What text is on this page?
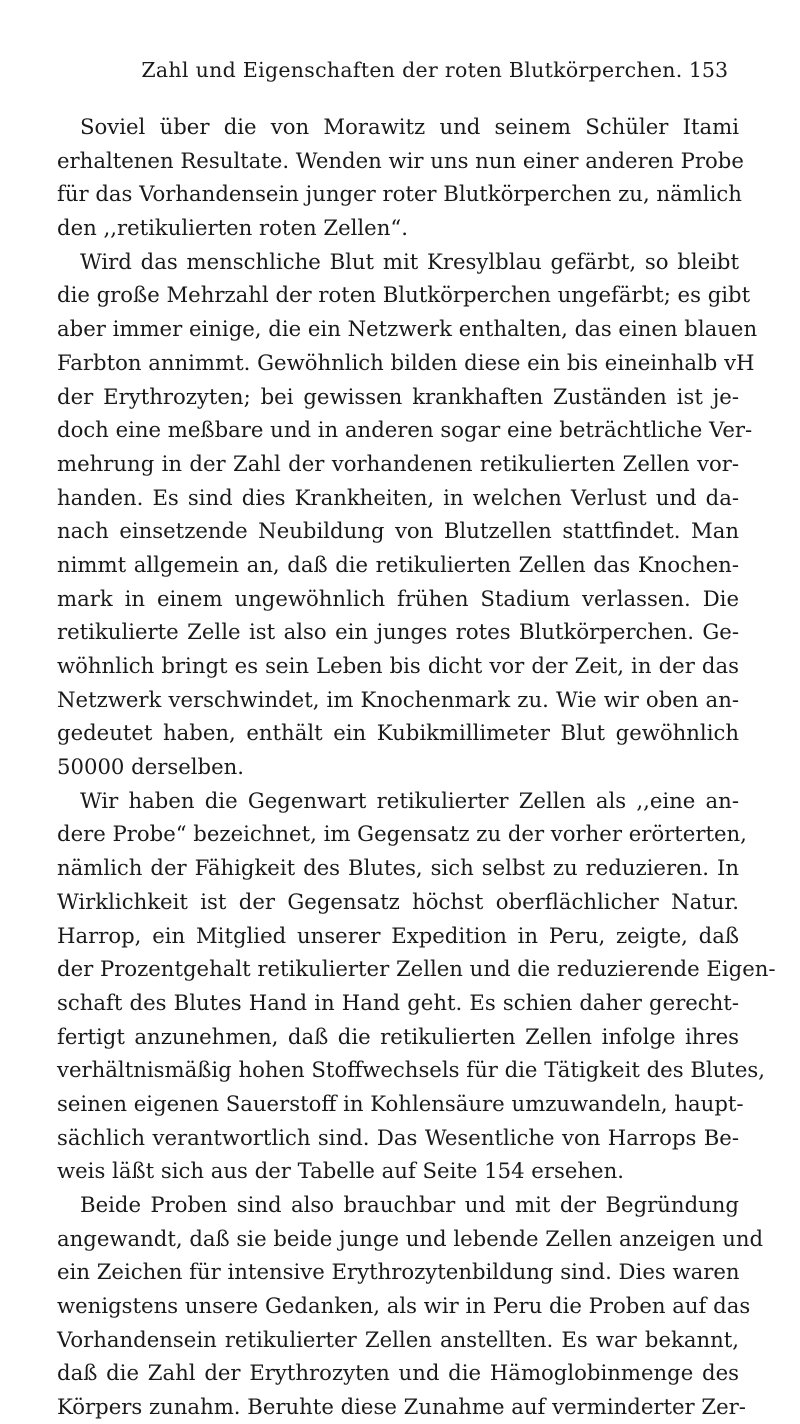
Zahl und Eigenschaften der roten Blutkörperchen. 153
Soviel über die von Morawitz und seinem Schüler Itami
erhaltenen Resultate. Wenden wir uns nun einer anderen Probe
für das Vorhandensein junger roter Blutkörperchen zu, nämlich
den ,,retikulierten roten Zellen“.
Wird das menschliche Blut mit Kresylblau gefärbt, so bleibt
die große Mehrzahl der roten Blutkörperchen ungefärbt; es gibt
aber immer einige, die ein Netzwerk enthalten, das einen blauen
Farbton annimmt. Gewöhnlich bilden diese ein bis eineinhalb vH
der Erythrozyten; bei gewissen krankhaften Zuständen ist je-
doch eine meßbare und in anderen sogar eine beträchtliche Ver-
mehrung in der Zahl der vorhandenen retikulierten Zellen vor-
handen. Es sind dies Krankheiten, in welchen Verlust und da-
nach einsetzende Neubildung von Blutzellen stattfindet. Man
nimmt allgemein an, daß die retikulierten Zellen das Knochen-
mark in einem ungewöhnlich frühen Stadium verlassen. Die
retikulierte Zelle ist also ein junges rotes Blutkörperchen. Ge-
wöhnlich bringt es sein Leben bis dicht vor der Zeit, in der das
Netzwerk verschwindet, im Knochenmark zu. Wie wir oben an-
gedeutet haben, enthält ein Kubikmillimeter Blut gewöhnlich
50000 derselben.
Wir haben die Gegenwart retikulierter Zellen als ,,eine an-
dere Probe“ bezeichnet, im Gegensatz zu der vorher erörterten,
nämlich der Fähigkeit des Blutes, sich selbst zu reduzieren. In
Wirklichkeit ist der Gegensatz höchst oberflächlicher Natur.
Harrop, ein Mitglied unserer Expedition in Peru, zeigte, daß
der Prozentgehalt retikulierter Zellen und die reduzierende Eigen-
schaft des Blutes Hand in Hand geht. Es schien daher gerecht-
fertigt anzunehmen, daß die retikulierten Zellen infolge ihres
verhältnismäßig hohen Stoffwechsels für die Tätigkeit des Blutes,
seinen eigenen Sauerstoff in Kohlensäure umzuwandeln, haupt-
sächlich verantwortlich sind. Das Wesentliche von Harrops Be-
weis läßt sich aus der Tabelle auf Seite 154 ersehen.
Beide Proben sind also brauchbar und mit der Begründung
angewandt, daß sie beide junge und lebende Zellen anzeigen und
ein Zeichen für intensive Erythrozytenbildung sind. Dies waren
wenigstens unsere Gedanken, als wir in Peru die Proben auf das
Vorhandensein retikulierter Zellen anstellten. Es war bekannt,
daß die Zahl der Erythrozyten und die Hämoglobinmenge des
Körpers zunahm. Beruhte diese Zunahme auf verminderter Zer-
